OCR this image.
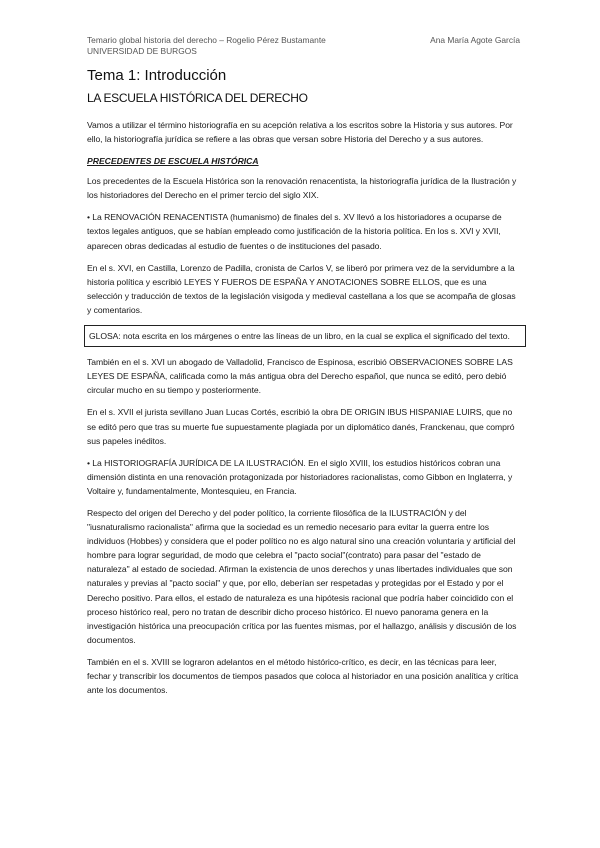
Temario global historia del derecho – Rogelio Pérez Bustamante
UNIVERSIDAD DE BURGOS
Ana María Agote García
Tema 1: Introducción
LA ESCUELA HISTÓRICA DEL DERECHO

Vamos a utilizar el término historiografía en su acepción relativa a los escritos sobre la Historia y sus autores. Por ello, la historiografía jurídica se refiere a las obras que versan sobre Historia del Derecho y a sus autores.

PRECEDENTES DE ESCUELA HISTÓRICA

Los precedentes de la Escuela Histórica son la renovación renacentista, la historiografía jurídica de la Ilustración y los historiadores del Derecho en el primer tercio del siglo XIX.

• La RENOVACIÓN RENACENTISTA (humanismo) de finales del s. XV llevó a los historiadores a ocuparse de textos legales antiguos, que se habían empleado como justificación de la historia política. En los s. XVI y XVII, aparecen obras dedicadas al estudio de fuentes o de instituciones del pasado.

En el s. XVI, en Castilla, Lorenzo de Padilla, cronista de Carlos V, se liberó por primera vez de la servidumbre a la historia política y escribió LEYES Y FUEROS DE ESPAÑA Y ANOTACIONES SOBRE ELLOS, que es una selección y traducción de textos de la legislación visigoda y medieval castellana a los que se acompaña de glosas y comentarios.

GLOSA: nota escrita en los márgenes o entre las líneas de un libro, en la cual se explica el significado del texto.

También en el s. XVI un abogado de Valladolid, Francisco de Espinosa, escribió OBSERVACIONES SOBRE LAS LEYES DE ESPAÑA, calificada como la más antigua obra del Derecho español, que nunca se editó, pero debió circular mucho en su tiempo y posteriormente.

En el s. XVII el jurista sevillano Juan Lucas Cortés, escribió la obra DE ORIGIN IBUS HISPANIAE LUIRS, que no se editó pero que tras su muerte fue supuestamente plagiada por un diplomático danés, Franckenau, que compró sus papeles inéditos.

• La HISTORIOGRAFÍA JURÍDICA DE LA ILUSTRACIÓN. En el siglo XVIII, los estudios históricos cobran una dimensión distinta en una renovación protagonizada por historiadores racionalistas, como Gibbon en Inglaterra, y Voltaire y, fundamentalmente, Montesquieu, en Francia.

Respecto del origen del Derecho y del poder político, la corriente filosófica de la ILUSTRACIÓN y del "iusnaturalismo racionalista" afirma que la sociedad es un remedio necesario para evitar la guerra entre los individuos (Hobbes) y considera que el poder político no es algo natural sino una creación voluntaria y artificial del hombre para lograr seguridad, de modo que celebra el "pacto social"(contrato) para pasar del "estado de naturaleza" al estado de sociedad. Afirman la existencia de unos derechos y unas libertades individuales que son naturales y previas al "pacto social" y que, por ello, deberían ser respetadas y protegidas por el Estado y por el Derecho positivo. Para ellos, el estado de naturaleza es una hipótesis racional que podría haber coincidido con el proceso histórico real, pero no tratan de describir dicho proceso histórico. El nuevo panorama genera en la investigación histórica una preocupación crítica por las fuentes mismas, por el hallazgo, análisis y discusión de los documentos.

También en el s. XVIII se lograron adelantos en el método histórico-crítico, es decir, en las técnicas para leer, fechar y transcribir los documentos de tiempos pasados que coloca al historiador en una posición analítica y crítica ante los documentos.
